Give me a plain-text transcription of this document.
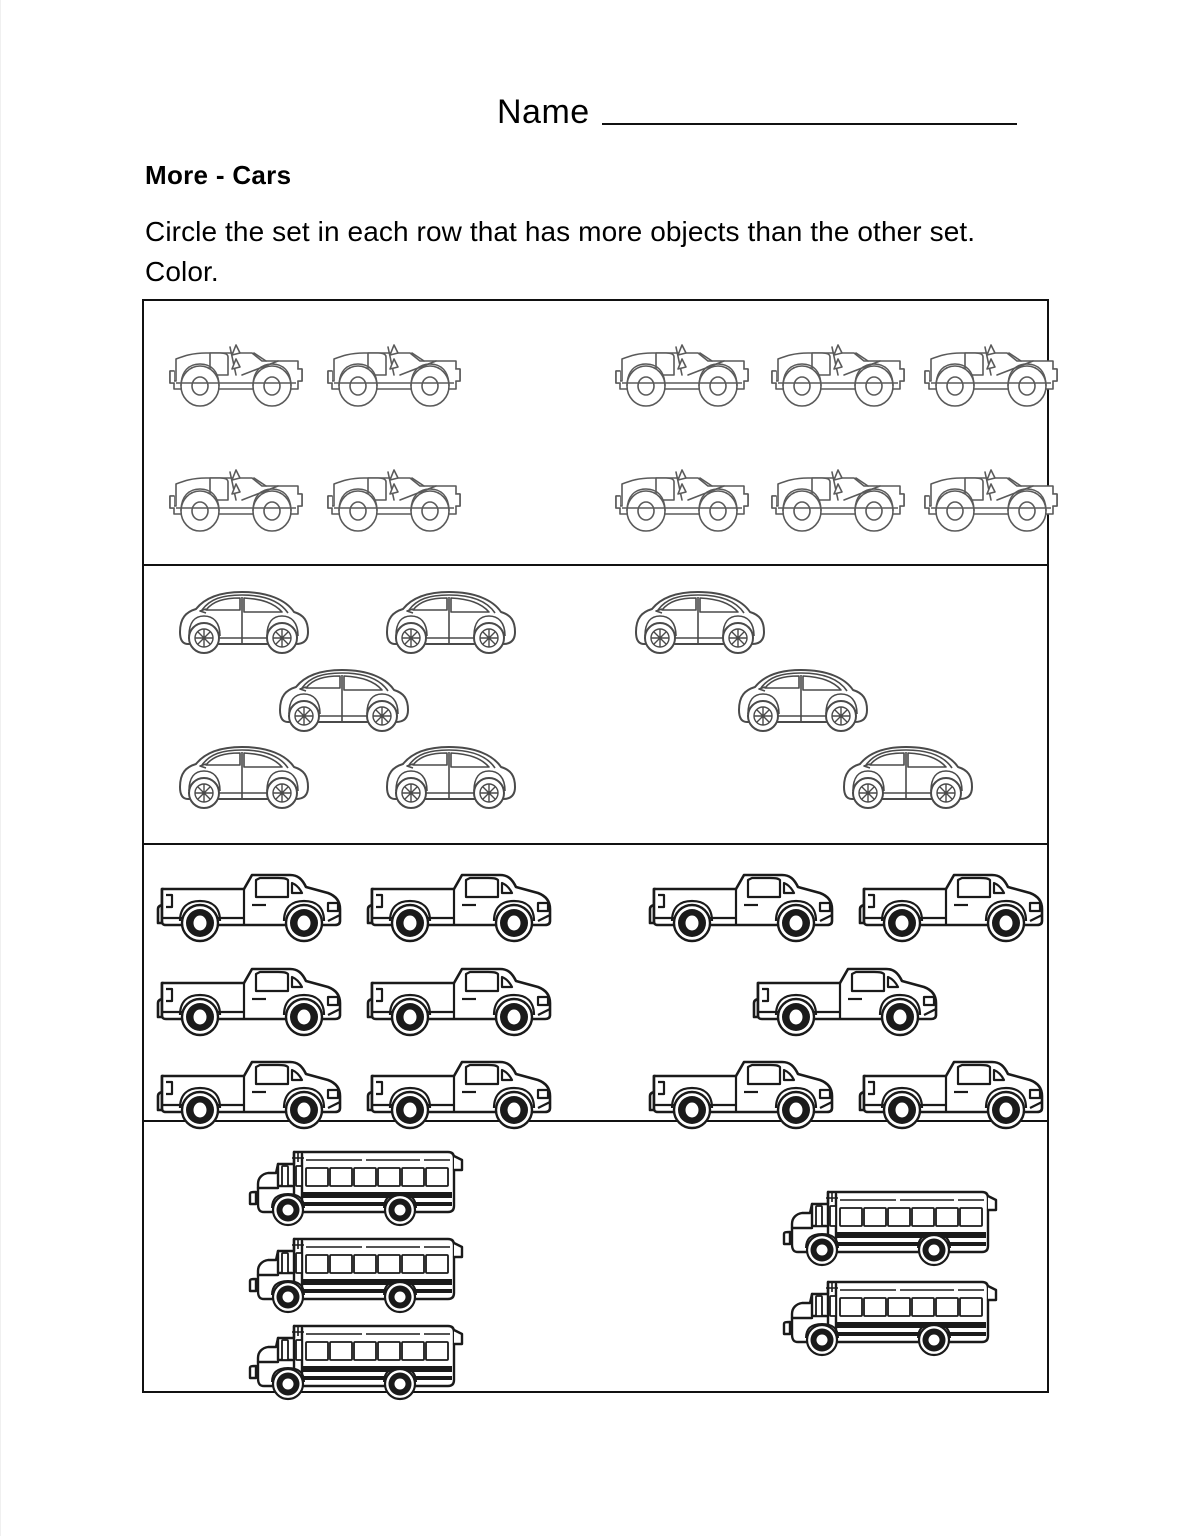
Name
More - Cars
Circle the set in each row that has more objects than the other set. Color.
